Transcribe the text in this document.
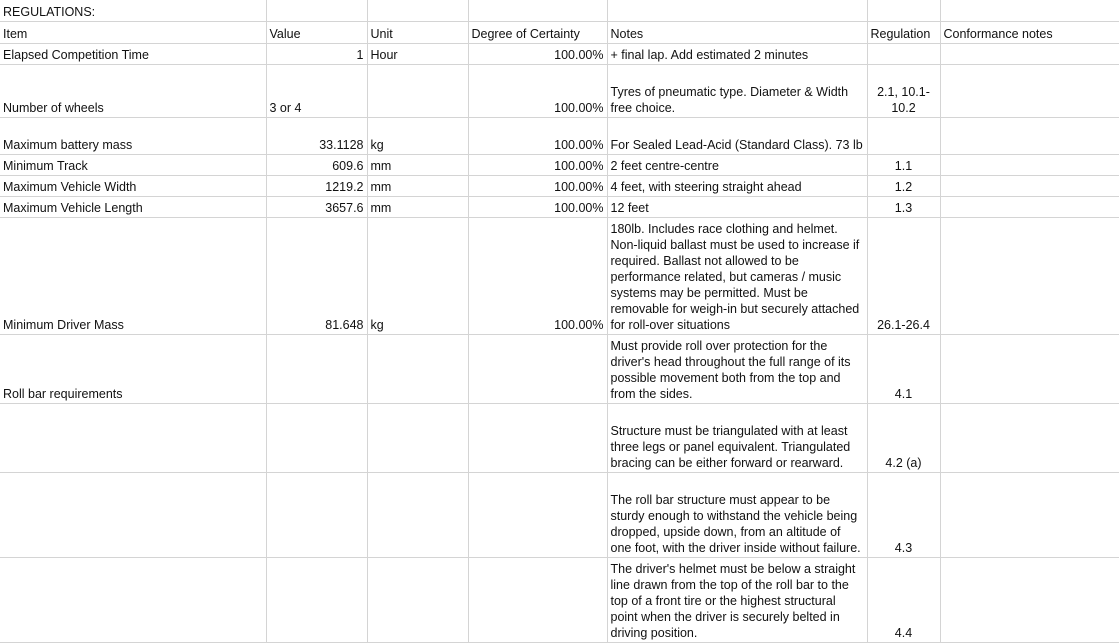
REGULATIONS:						
Item	Value	Unit	Degree of Certainty	Notes	Regulation	Conformance notes
Elapsed Competition Time	1	Hour	100.00%	+ final lap. Add estimated 2 minutes		
Number of wheels	3 or 4		100.00%	Tyres of pneumatic type. Diameter & Width free choice.	2.1, 10.1-10.2	
Maximum battery mass	33.1128	kg	100.00%	For Sealed Lead-Acid (Standard Class). 73 lb		
Minimum Track	609.6	mm	100.00%	2 feet centre-centre	1.1	
Maximum Vehicle Width	1219.2	mm	100.00%	4 feet, with steering straight ahead	1.2	
Maximum Vehicle Length	3657.6	mm	100.00%	12 feet	1.3	
Minimum Driver Mass	81.648	kg	100.00%	180lb. Includes race clothing and helmet. Non-liquid ballast must be used to increase if required. Ballast not allowed to be performance related, but cameras / music systems may be permitted. Must be removable for weigh-in but securely attached for roll-over situations	26.1-26.4	
Roll bar requirements				Must provide roll over protection for the driver's head throughout the full range of its possible movement both from the top and from the sides.	4.1	
				Structure must be triangulated with at least three legs or panel equivalent. Triangulated bracing can be either forward or rearward.	4.2 (a)	
				The roll bar structure must appear to be sturdy enough to withstand the vehicle being dropped, upside down, from an altitude of one foot, with the driver inside without failure.	4.3	
				The driver's helmet must be below a straight line drawn from the top of the roll bar to the top of a front tire or the highest structural point when the driver is securely belted in driving position.	4.4	
